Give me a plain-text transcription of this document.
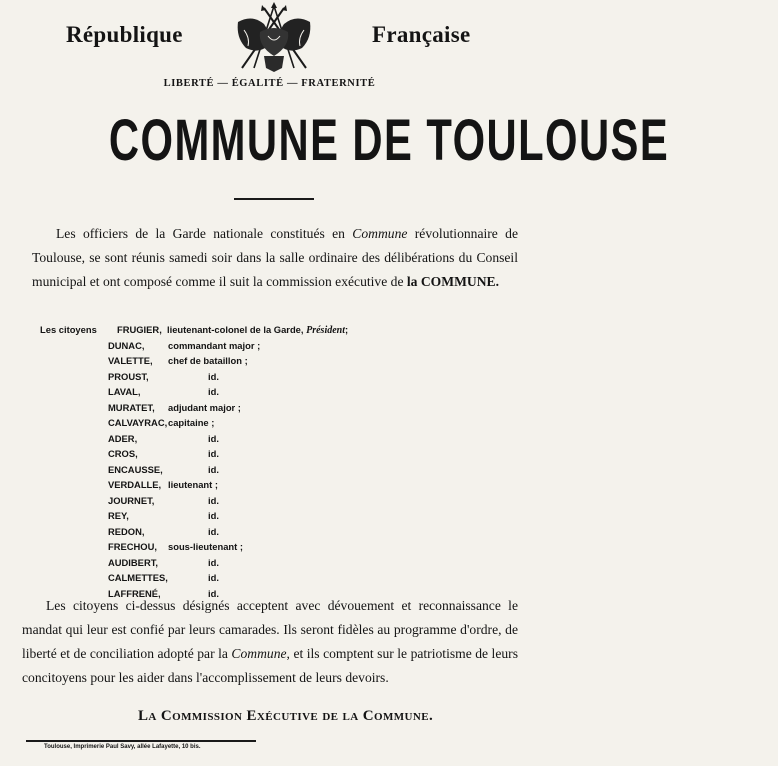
République	Française
LIBERTÉ — ÉGALITÉ — FRATERNITÉ
COMMUNE DE TOULOUSE
Les officiers de la Garde nationale constitués en Commune révolutionnaire de Toulouse, se sont réunis samedi soir dans la salle ordinaire des délibérations du Conseil municipal et ont composé comme il suit la commission exécutive de la COMMUNE.
Les citoyens FRUGIER, lieutenant-colonel de la Garde, Président;
DUNAC,	commandant major ;
VALETTE, chef de bataillon ;
PROUST,	id.
LAVAL,	id.
MURATET, adjudant major ;
CALVAYRAC, capitaine ;
ADER,	id.
CROS,	id.
ENCAUSSE,	id.
VERDALLE, lieutenant ;
JOURNET,	id.
REY,	id.
REDON,	id.
FRECHOU, sous-lieutenant ;
AUDIBERT,	id.
CALMETTES,	id.
LAFFRENÉ,	id.
Les citoyens ci-dessus désignés acceptent avec dévouement et reconnaissance le mandat qui leur est confié par leurs camarades. Ils seront fidèles au programme d'ordre, de liberté et de conciliation adopté par la Commune, et ils comptent sur le patriotisme de leurs concitoyens pour les aider dans l'accomplissement de leurs devoirs.
La Commission Exécutive de la Commune.
Toulouse, Imprimerie Paul Savy, allée Lafayette, 10 bis.
